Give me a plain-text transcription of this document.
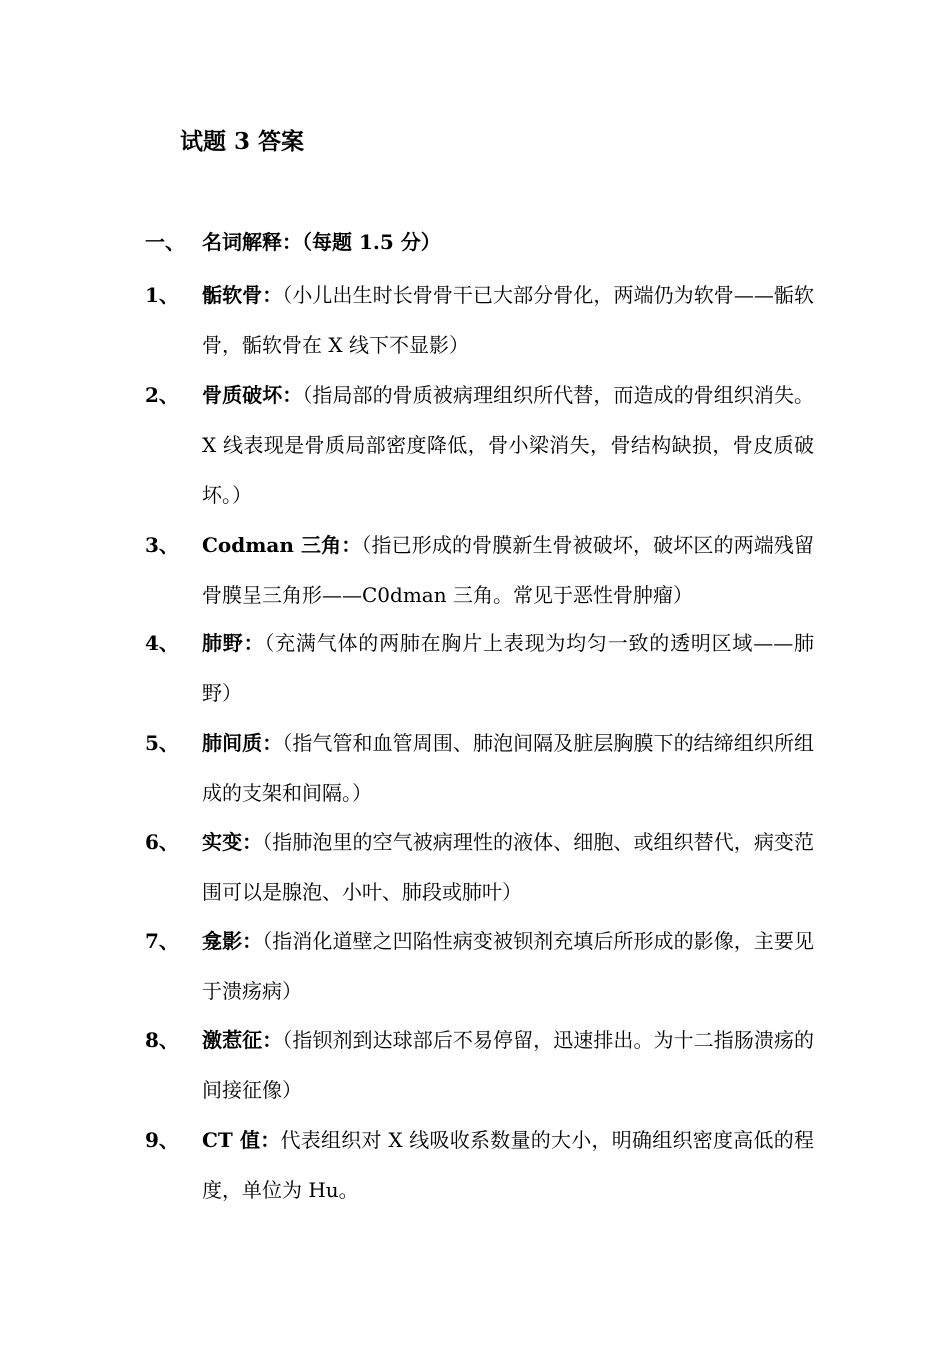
试题 3 答案
一、 名词解释：（每题 1.5 分）
1、 骺软骨：（小儿出生时长骨骨干已大部分骨化，两端仍为软骨——骺软骨，骺软骨在 X 线下不显影）
2、 骨质破坏：（指局部的骨质被病理组织所代替，而造成的骨组织消失。X 线表现是骨质局部密度降低，骨小梁消失，骨结构缺损，骨皮质破坏。）
3、 Codman 三角：（指已形成的骨膜新生骨被破坏，破坏区的两端残留骨膜呈三角形——C0dman 三角。常见于恶性骨肿瘤）
4、 肺野：（充满气体的两肺在胸片上表现为均匀一致的透明区域——肺野）
5、 肺间质：（指气管和血管周围、肺泡间隔及脏层胸膜下的结缔组织所组成的支架和间隔。）
6、 实变：（指肺泡里的空气被病理性的液体、细胞、或组织替代，病变范围可以是腺泡、小叶、肺段或肺叶）
7、 龛影：（指消化道壁之凹陷性病变被钡剂充填后所形成的影像，主要见于溃疡病）
8、 激惹征：（指钡剂到达球部后不易停留，迅速排出。为十二指肠溃疡的间接征像）
9、 CT 值：代表组织对 X 线吸收系数量的大小，明确组织密度高低的程度，单位为 Hu。
